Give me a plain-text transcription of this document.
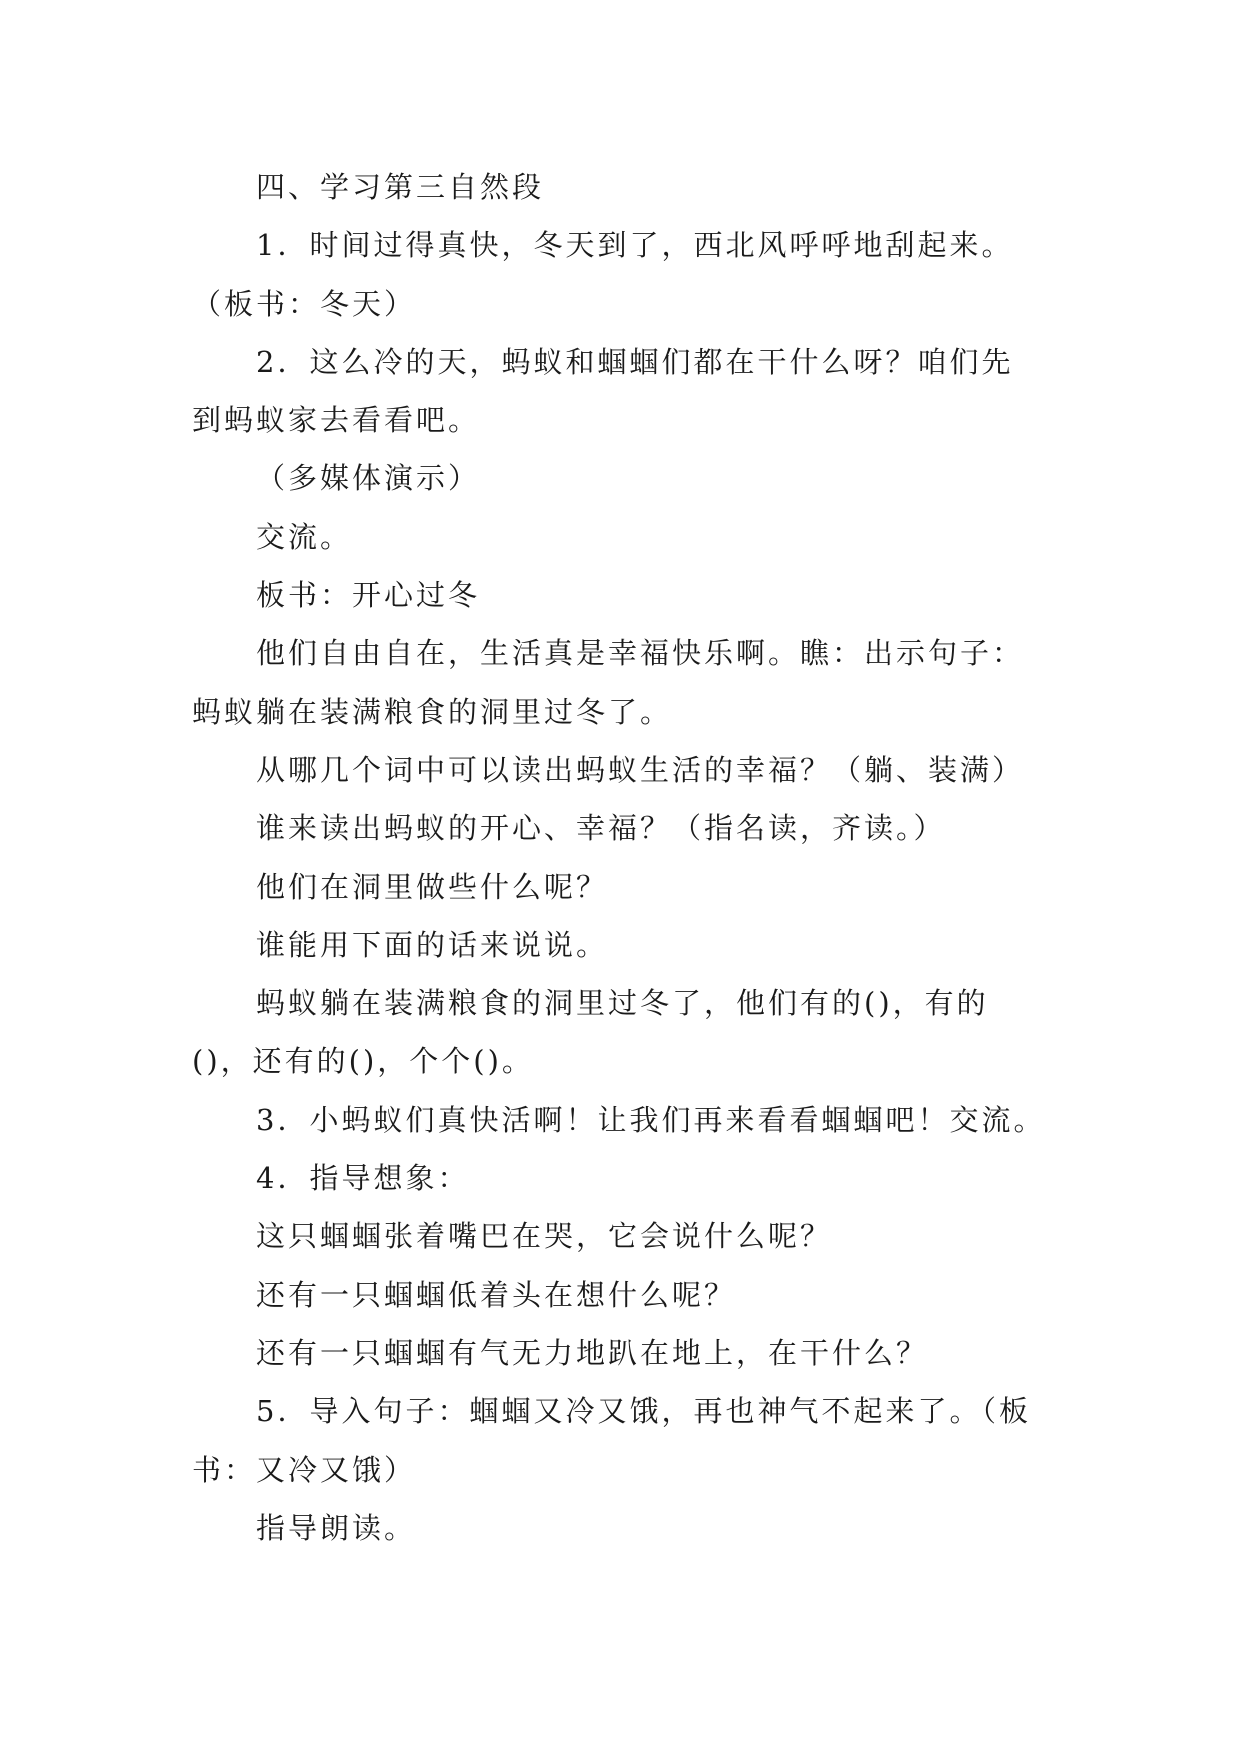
四、学习第三自然段
1．时间过得真快，冬天到了，西北风呼呼地刮起来。
（板书：冬天）
2．这么冷的天，蚂蚁和蝈蝈们都在干什么呀？咱们先
到蚂蚁家去看看吧。
（多媒体演示）
交流。
板书：开心过冬
他们自由自在，生活真是幸福快乐啊。瞧：出示句子：
蚂蚁躺在装满粮食的洞里过冬了。
从哪几个词中可以读出蚂蚁生活的幸福？（躺、装满）
谁来读出蚂蚁的开心、幸福？（指名读，齐读。）
他们在洞里做些什么呢？
谁能用下面的话来说说。
蚂蚁躺在装满粮食的洞里过冬了，他们有的()，有的
()，还有的()，个个()。
3．小蚂蚁们真快活啊！让我们再来看看蝈蝈吧！交流。
4．指导想象：
这只蝈蝈张着嘴巴在哭，它会说什么呢？
还有一只蝈蝈低着头在想什么呢？
还有一只蝈蝈有气无力地趴在地上，在干什么？
5．导入句子：蝈蝈又冷又饿，再也神气不起来了。（板
书：又冷又饿）
指导朗读。
